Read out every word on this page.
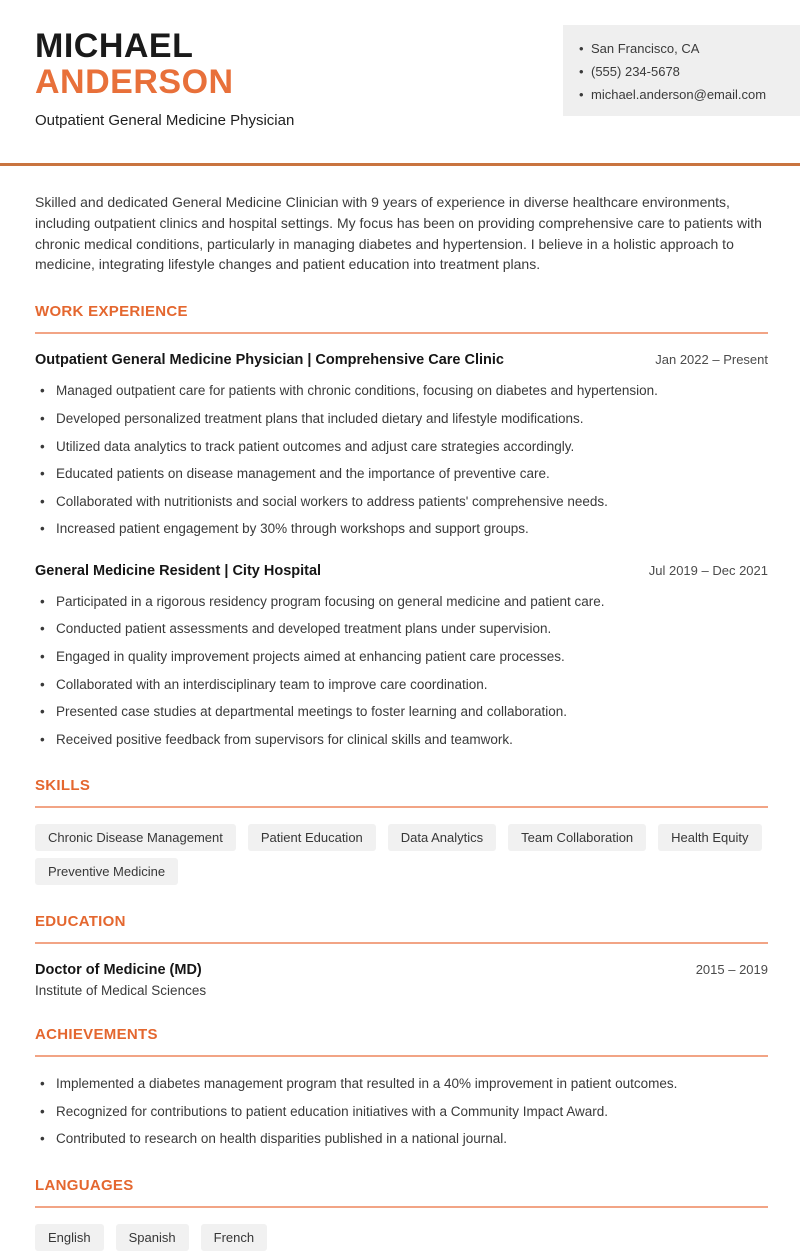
MICHAEL
ANDERSON
Outpatient General Medicine Physician
• San Francisco, CA
• (555) 234-5678
• michael.anderson@email.com

Skilled and dedicated General Medicine Clinician with 9 years of experience in diverse healthcare environments, including outpatient clinics and hospital settings. My focus has been on providing comprehensive care to patients with chronic medical conditions, particularly in managing diabetes and hypertension. I believe in a holistic approach to medicine, integrating lifestyle changes and patient education into treatment plans.

WORK EXPERIENCE
Outpatient General Medicine Physician | Comprehensive Care Clinic	Jan 2022 – Present
• Managed outpatient care for patients with chronic conditions, focusing on diabetes and hypertension.
• Developed personalized treatment plans that included dietary and lifestyle modifications.
• Utilized data analytics to track patient outcomes and adjust care strategies accordingly.
• Educated patients on disease management and the importance of preventive care.
• Collaborated with nutritionists and social workers to address patients' comprehensive needs.
• Increased patient engagement by 30% through workshops and support groups.
General Medicine Resident | City Hospital	Jul 2019 – Dec 2021
• Participated in a rigorous residency program focusing on general medicine and patient care.
• Conducted patient assessments and developed treatment plans under supervision.
• Engaged in quality improvement projects aimed at enhancing patient care processes.
• Collaborated with an interdisciplinary team to improve care coordination.
• Presented case studies at departmental meetings to foster learning and collaboration.
• Received positive feedback from supervisors for clinical skills and teamwork.
SKILLS
Chronic Disease Management	Patient Education	Data Analytics	Team Collaboration	Health Equity
Preventive Medicine
EDUCATION
Doctor of Medicine (MD)	2015 – 2019
Institute of Medical Sciences
ACHIEVEMENTS
• Implemented a diabetes management program that resulted in a 40% improvement in patient outcomes.
• Recognized for contributions to patient education initiatives with a Community Impact Award.
• Contributed to research on health disparities published in a national journal.
LANGUAGES
English	Spanish	French
